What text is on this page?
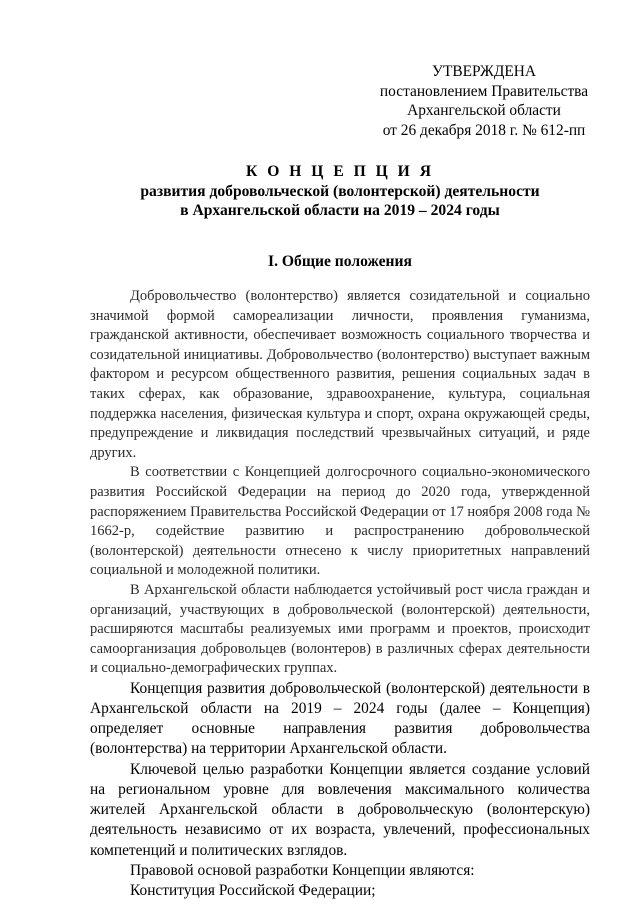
УТВЕРЖДЕНА
постановлением Правительства
Архангельской области
от 26 декабря 2018 г. № 612-пп
К О Н Ц Е П Ц И Я
развития добровольческой (волонтерской) деятельности
в Архангельской области на 2019 – 2024 годы
I. Общие положения

Добровольчество (волонтерство) является созидательной и социально значимой формой самореализации личности, проявления гуманизма, гражданской активности, обеспечивает возможность социального творчества и созидательной инициативы. Добровольчество (волонтерство) выступает важным фактором и ресурсом общественного развития, решения социальных задач в таких сферах, как образование, здравоохранение, культура, социальная поддержка населения, физическая культура и спорт, охрана окружающей среды, предупреждение и ликвидация последствий чрезвычайных ситуаций, и ряде других.

В соответствии с Концепцией долгосрочного социально-экономического развития Российской Федерации на период до 2020 года, утвержденной распоряжением Правительства Российской Федерации от 17 ноября 2008 года № 1662-р, содействие развитию и распространению добровольческой (волонтерской) деятельности отнесено к числу приоритетных направлений социальной и молодежной политики.

В Архангельской области наблюдается устойчивый рост числа граждан и организаций, участвующих в добровольческой (волонтерской) деятельности, расширяются масштабы реализуемых ими программ и проектов, происходит самоорганизация добровольцев (волонтеров) в различных сферах деятельности и социально-демографических группах.

Концепция развития добровольческой (волонтерской) деятельности в Архангельской области на 2019 – 2024 годы (далее – Концепция) определяет основные направления развития добровольчества (волонтерства) на территории Архангельской области.

Ключевой целью разработки Концепции является создание условий на региональном уровне для вовлечения максимального количества жителей Архангельской области в добровольческую (волонтерскую) деятельность независимо от их возраста, увлечений, профессиональных компетенций и политических взглядов.

Правовой основой разработки Концепции являются:

Конституция Российской Федерации;
